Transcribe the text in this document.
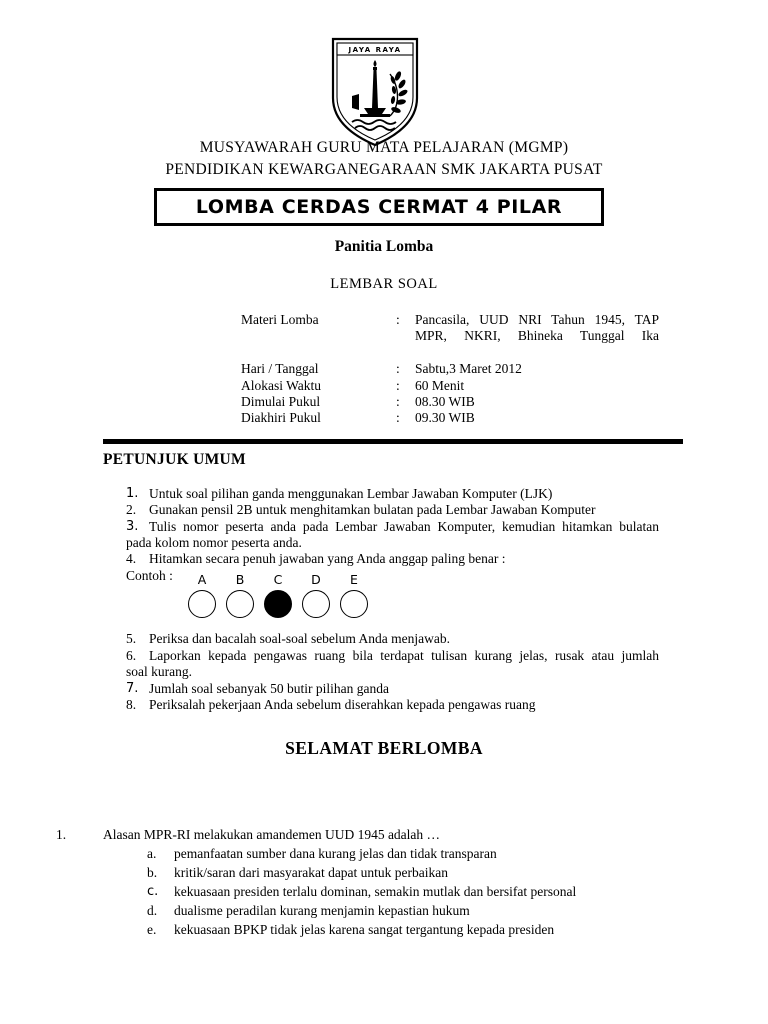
JAYA RAYA
MUSYAWARAH GURU MATA PELAJARAN (MGMP)
PENDIDIKAN KEWARGANEGARAAN SMK JAKARTA PUSAT
LOMBA CERDAS CERMAT 4 PILAR
Panitia Lomba
LEMBAR SOAL
Materi Lomba	: Pancasila, UUD NRI Tahun 1945, TAP
MPR, NKRI, Bhineka Tunggal Ika
Hari / Tanggal	: Sabtu,3 Maret 2012
Alokasi Waktu	: 60 Menit
Dimulai Pukul	: 08.30 WIB
Diakhiri Pukul	: 09.30 WIB
PETUNJUK UMUM
1. Untuk soal pilihan ganda menggunakan Lembar Jawaban Komputer (LJK)
2. Gunakan pensil 2B untuk menghitamkan bulatan pada Lembar Jawaban Komputer
3. Tulis nomor peserta anda pada Lembar Jawaban Komputer, kemudian hitamkan bulatan
pada kolom nomor peserta anda.
4. Hitamkan secara penuh jawaban yang Anda anggap paling benar :
Contoh :	A	B	C	D	E
5. Periksa dan bacalah soal-soal sebelum Anda menjawab.
6. Laporkan kepada pengawas ruang bila terdapat tulisan kurang jelas, rusak atau jumlah
soal kurang.
7. Jumlah soal sebanyak 50 butir pilihan ganda
8. Periksalah pekerjaan Anda sebelum diserahkan kepada pengawas ruang
SELAMAT BERLOMBA
1.	Alasan MPR-RI melakukan amandemen UUD 1945 adalah …
a. pemanfaatan sumber dana kurang jelas dan tidak transparan
b. kritik/saran dari masyarakat dapat untuk perbaikan
c. kekuasaan presiden terlalu dominan, semakin mutlak dan bersifat personal
d. dualisme peradilan kurang menjamin kepastian hukum
e. kekuasaan BPKP tidak jelas karena sangat tergantung kepada presiden
